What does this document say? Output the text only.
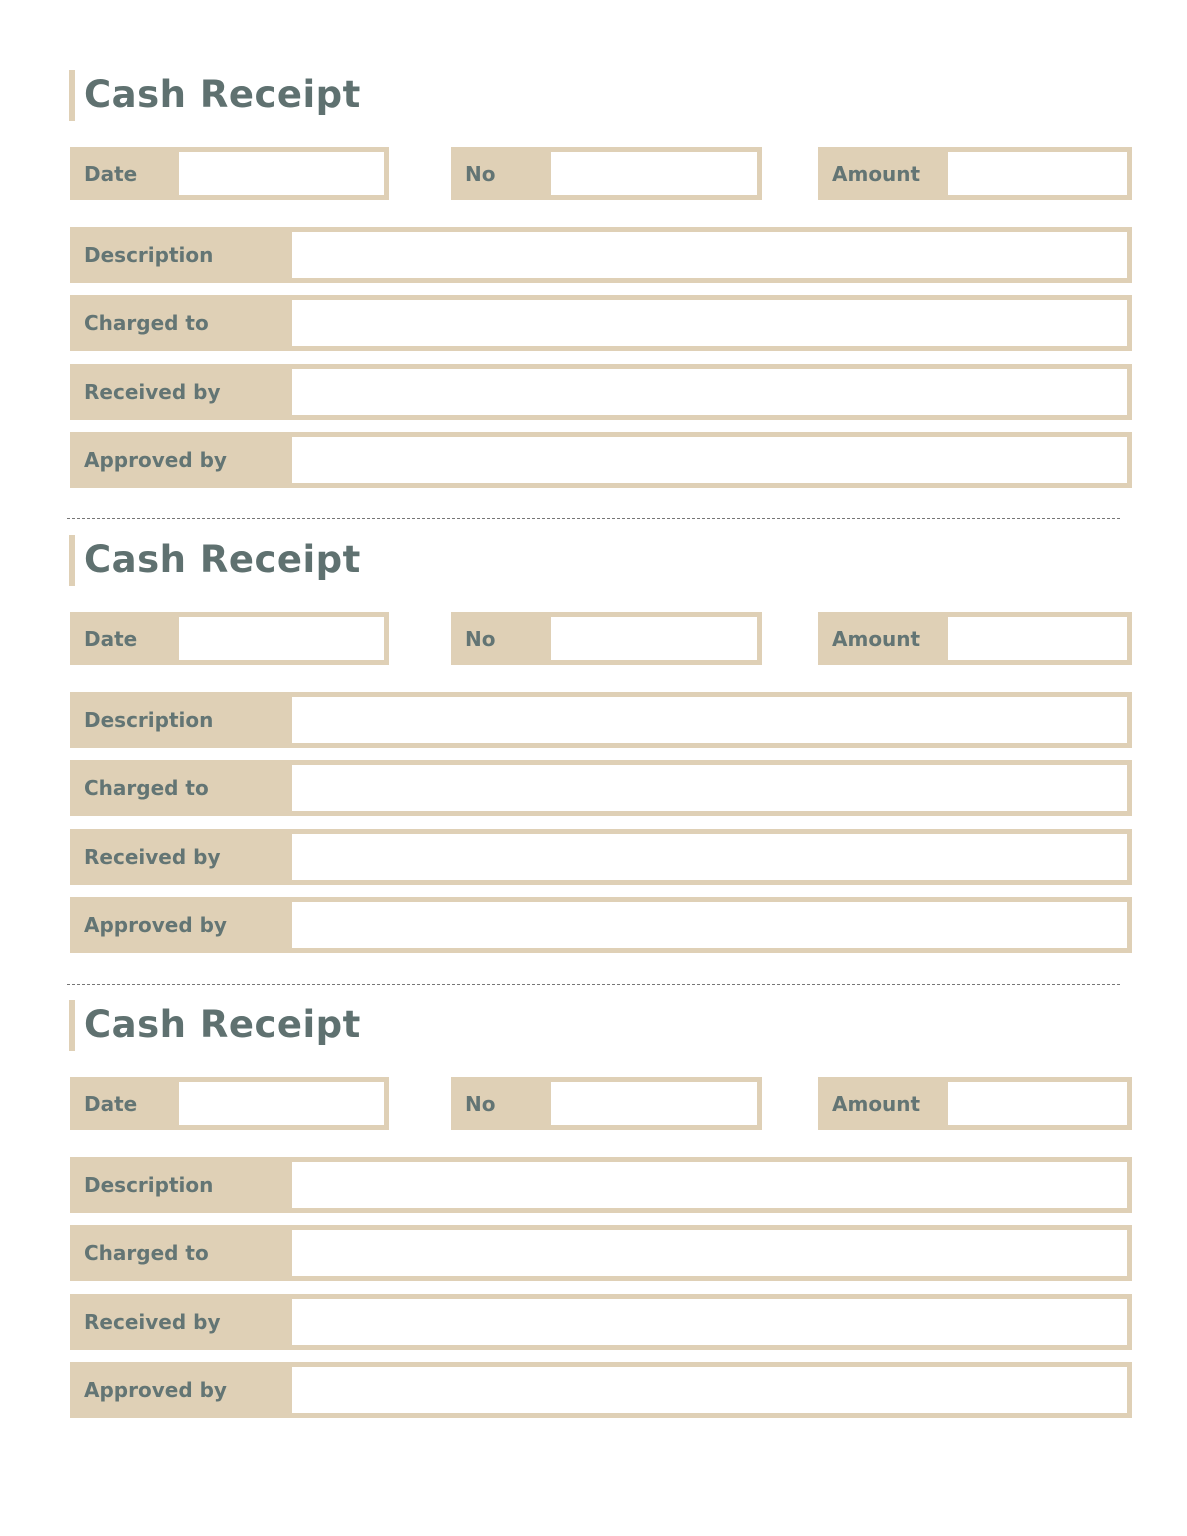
Cash Receipt
Date	No	Amount
Description
Charged to
Received by
Approved by
Cash Receipt
Date	No	Amount
Description
Charged to
Received by
Approved by
Cash Receipt
Date	No	Amount
Description
Charged to
Received by
Approved by
